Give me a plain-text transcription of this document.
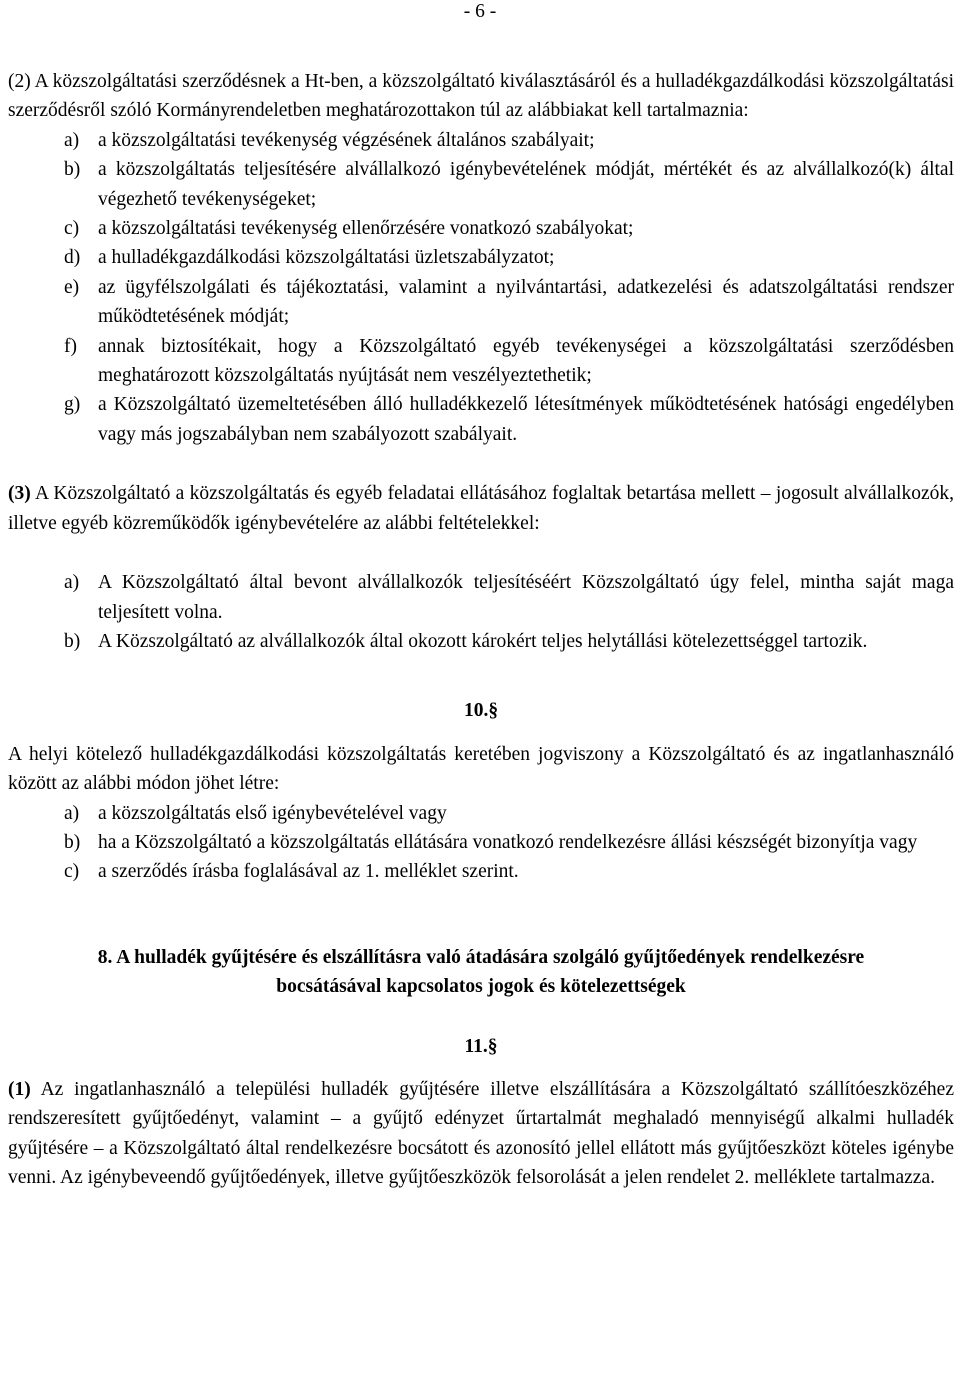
- 6 -
(2) A közszolgáltatási szerződésnek a Ht-ben, a közszolgáltató kiválasztásáról és a hulladékgazdálkodási közszolgáltatási szerződésről szóló Kormányrendeletben meghatározottakon túl az alábbiakat kell tartalmaznia:
a) a közszolgáltatási tevékenység végzésének általános szabályait;
b) a közszolgáltatás teljesítésére alvállalkozó igénybevételének módját, mértékét és az alvállalkozó(k) által végezhető tevékenységeket;
c) a közszolgáltatási tevékenység ellenőrzésére vonatkozó szabályokat;
d) a hulladékgazdálkodási közszolgáltatási üzletszabályzatot;
e) az ügyfélszolgálati és tájékoztatási, valamint a nyilvántartási, adatkezelési és adatszolgáltatási rendszer működtetésének módját;
f) annak biztosítékait, hogy a Közszolgáltató egyéb tevékenységei a közszolgáltatási szerződésben meghatározott közszolgáltatás nyújtását nem veszélyeztethetik;
g) a Közszolgáltató üzemeltetésében álló hulladékkezelő létesítmények működtetésének hatósági engedélyben vagy más jogszabályban nem szabályozott szabályait.
(3) A Közszolgáltató a közszolgáltatás és egyéb feladatai ellátásához foglaltak betartása mellett – jogosult alvállalkozók, illetve egyéb közreműködők igénybevételére az alábbi feltételekkel:
a) A Közszolgáltató által bevont alvállalkozók teljesítéséért Közszolgáltató úgy felel, mintha saját maga teljesített volna.
b) A Közszolgáltató az alvállalkozók által okozott károkért teljes helytállási kötelezettséggel tartozik.
10.§
A helyi kötelező hulladékgazdálkodási közszolgáltatás keretében jogviszony a Közszolgáltató és az ingatlanhasználó között az alábbi módon jöhet létre:
a) a közszolgáltatás első igénybevételével vagy
b) ha a Közszolgáltató a közszolgáltatás ellátására vonatkozó rendelkezésre állási készségét bizonyítja vagy
c) a szerződés írásba foglalásával az 1. melléklet szerint.
8. A hulladék gyűjtésére és elszállításra való átadására szolgáló gyűjtőedények rendelkezésre bocsátásával kapcsolatos jogok és kötelezettségek
11.§
(1) Az ingatlanhasználó a települési hulladék gyűjtésére illetve elszállítására a Közszolgáltató szállítóeszközéhez rendszeresített gyűjtőedényt, valamint – a gyűjtő edényzet űrtartalmát meghaladó mennyiségű alkalmi hulladék gyűjtésére – a Közszolgáltató által rendelkezésre bocsátott és azonosító jellel ellátott más gyűjtőeszközt köteles igénybe venni. Az igénybeveendő gyűjtőedények, illetve gyűjtőeszközök felsorolását a jelen rendelet 2. melléklete tartalmazza.
